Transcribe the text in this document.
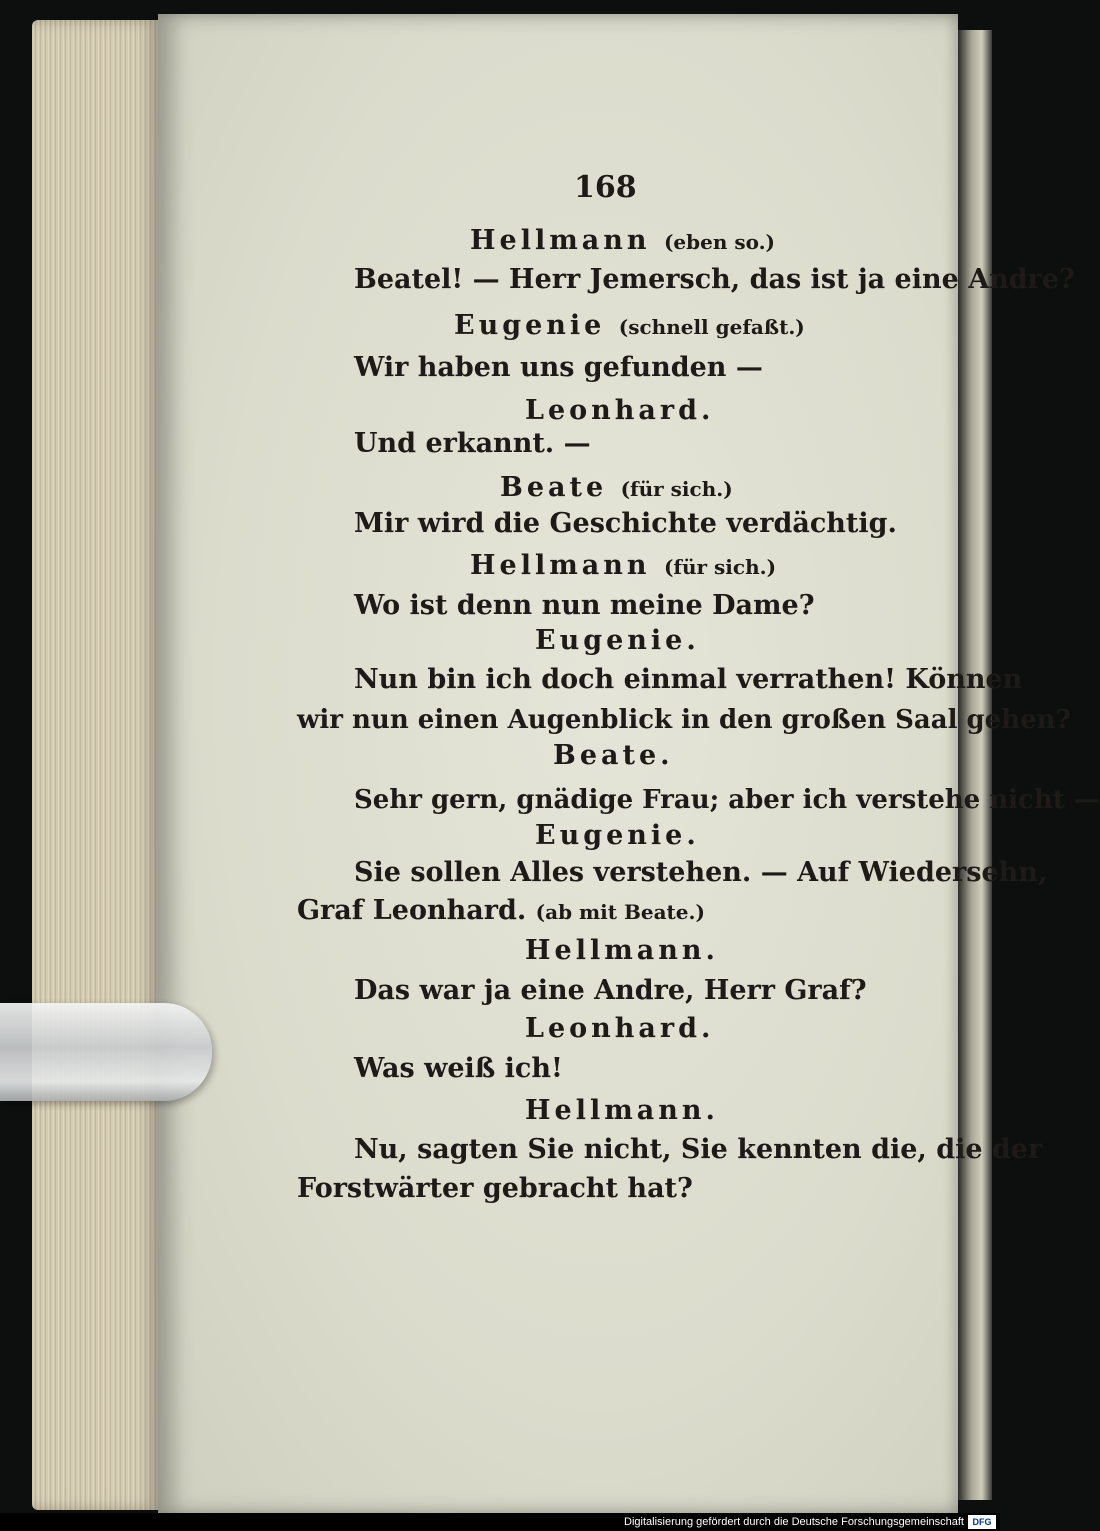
168
Hellmann (eben so.)
Beatel! — Herr Jemersch, das ist ja eine Andre?
Eugenie (schnell gefaßt.)
Wir haben uns gefunden —
Leonhard.
Und erkannt. —
Beate (für sich.)
Mir wird die Geschichte verdächtig.
Hellmann (für sich.)
Wo ist denn nun meine Dame?
Eugenie.
Nun bin ich doch einmal verrathen! Können
wir nun einen Augenblick in den großen Saal gehen?
Beate.
Sehr gern, gnädige Frau; aber ich verstehe nicht —
Eugenie.
Sie sollen Alles verstehen. — Auf Wiedersehn,
Graf Leonhard. (ab mit Beate.)
Hellmann.
Das war ja eine Andre, Herr Graf?
Leonhard.
Was weiß ich!
Hellmann.
Nu, sagten Sie nicht, Sie kennten die, die der
Forstwärter gebracht hat?
Digitalisierung gefördert durch die Deutsche Forschungsgemeinschaft DFG
